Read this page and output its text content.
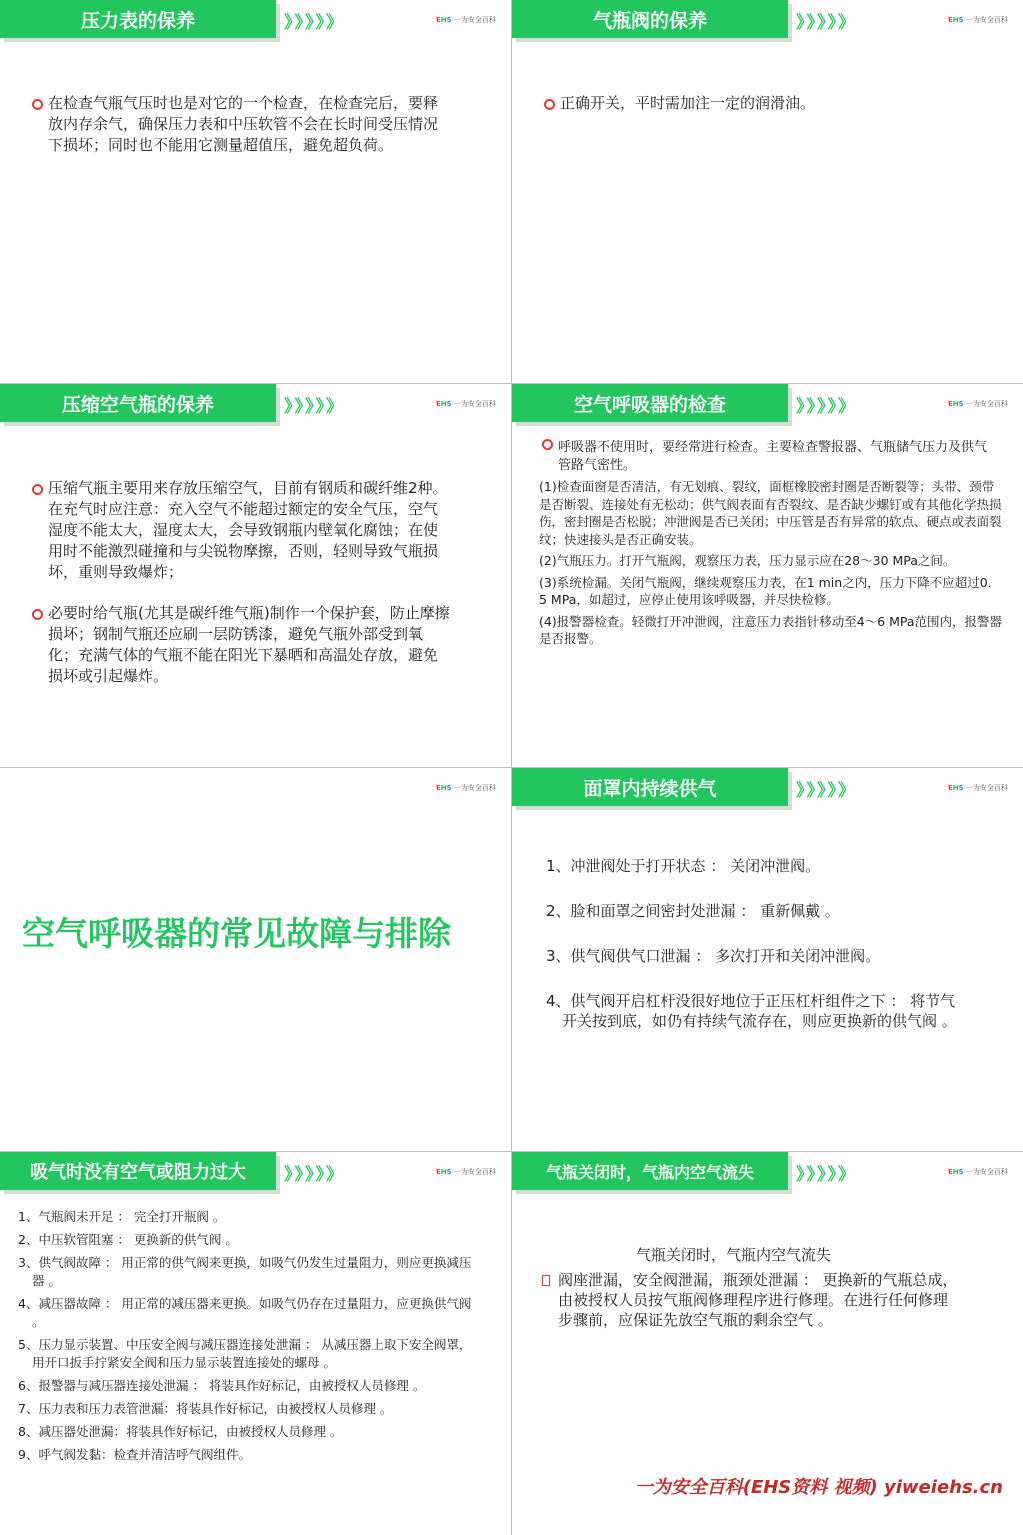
压力表的保养	》》》》》	EHS 一为安全百科
在检查气瓶气压时也是对它的一个检查，在检查完后，要释放内存余气，确保压力表和中压软管不会在长时间受压情况下损坏；同时也不能用它测量超值压，避免超负荷。
气瓶阀的保养	》》》》》	EHS 一为安全百科
正确开关，平时需加注一定的润滑油。
压缩空气瓶的保养	》》》》》	EHS 一为安全百科
压缩气瓶主要用来存放压缩空气，目前有钢质和碳纤维2种。在充气时应注意：充入空气不能超过额定的安全气压，空气湿度不能太大，湿度太大，会导致钢瓶内壁氧化腐蚀；在使用时不能激烈碰撞和与尖锐物摩擦，否则，轻则导致气瓶损坏，重则导致爆炸；
必要时给气瓶(尤其是碳纤维气瓶)制作一个保护套，防止摩擦损坏；钢制气瓶还应刷一层防锈漆，避免气瓶外部受到氧化；充满气体的气瓶不能在阳光下暴晒和高温处存放，避免损坏或引起爆炸。
空气呼吸器的检查	》》》》》	EHS 一为安全百科
呼吸器不使用时，要经常进行检查。主要检查警报器、气瓶储气压力及供气管路气密性。

(1)检查面窗是否清洁，有无划痕、裂纹，面框橡胶密封圈是否断裂等；头带、颈带是否断裂、连接处有无松动；供气阀表面有否裂纹、是否缺少螺钉或有其他化学热损伤，密封圈是否松脱；冲泄阀是否已关闭；中压管是否有异常的软点、硬点或表面裂纹；快速接头是否正确安装。

(2)气瓶压力。打开气瓶阀，观察压力表，压力显示应在28～30 MPa之间。

(3)系统检漏。关闭气瓶阀，继续观察压力表，在1 min之内，压力下降不应超过0．5 MPa，如超过，应停止使用该呼吸器，并尽快检修。

(4)报警器检查。轻微打开冲泄阀，注意压力表指针移动至4～6 MPa范围内，报警器是否报警。

EHS 一为安全百科
空气呼吸器的常见故障与排除
面罩内持续供气	》》》》》	EHS 一为安全百科

1、冲泄阀处于打开状态 ： 关闭冲泄阀。

2、脸和面罩之间密封处泄漏 ： 重新佩戴 。

3、供气阀供气口泄漏 ： 多次打开和关闭冲泄阀。

4、供气阀开启杠杆没很好地位于正压杠杆组件之下 ： 将节气开关按到底，如仍有持续气流存在，则应更换新的供气阀 。

吸气时没有空气或阻力过大	》》》》》	EHS 一为安全百科

1、气瓶阀未开足 ： 完全打开瓶阀 。

2、中压软管阻塞 ： 更换新的供气阀 。

3、供气阀故障 ： 用正常的供气阀来更换，如吸气仍发生过量阻力，则应更换减压器 。

4、减压器故障 ： 用正常的减压器来更换。如吸气仍存在过量阻力，应更换供气阀 。

5、压力显示装置、中压安全阀与减压器连接处泄漏 ： 从减压器上取下安全阀罩，用开口扳手拧紧安全阀和压力显示装置连接处的螺母 。

6、报警器与减压器连接处泄漏 ： 将装具作好标记，由被授权人员修理 。

7、压力表和压力表管泄漏：将装具作好标记，由被授权人员修理 。

8、减压器处泄漏：将装具作好标记，由被授权人员修理 。

9、呼气阀发黏：检查并清洁呼气阀组件。

气瓶关闭时，气瓶内空气流失	》》》》》	EHS 一为安全百科
气瓶关闭时，气瓶内空气流失
阀座泄漏，安全阀泄漏，瓶颈处泄漏 ： 更换新的气瓶总成，由被授权人员按气瓶阀修理程序进行修理。在进行任何修理步骤前，应保证先放空气瓶的剩余空气 。
一为安全百科(EHS资料 视频) yiweiehs.cn
